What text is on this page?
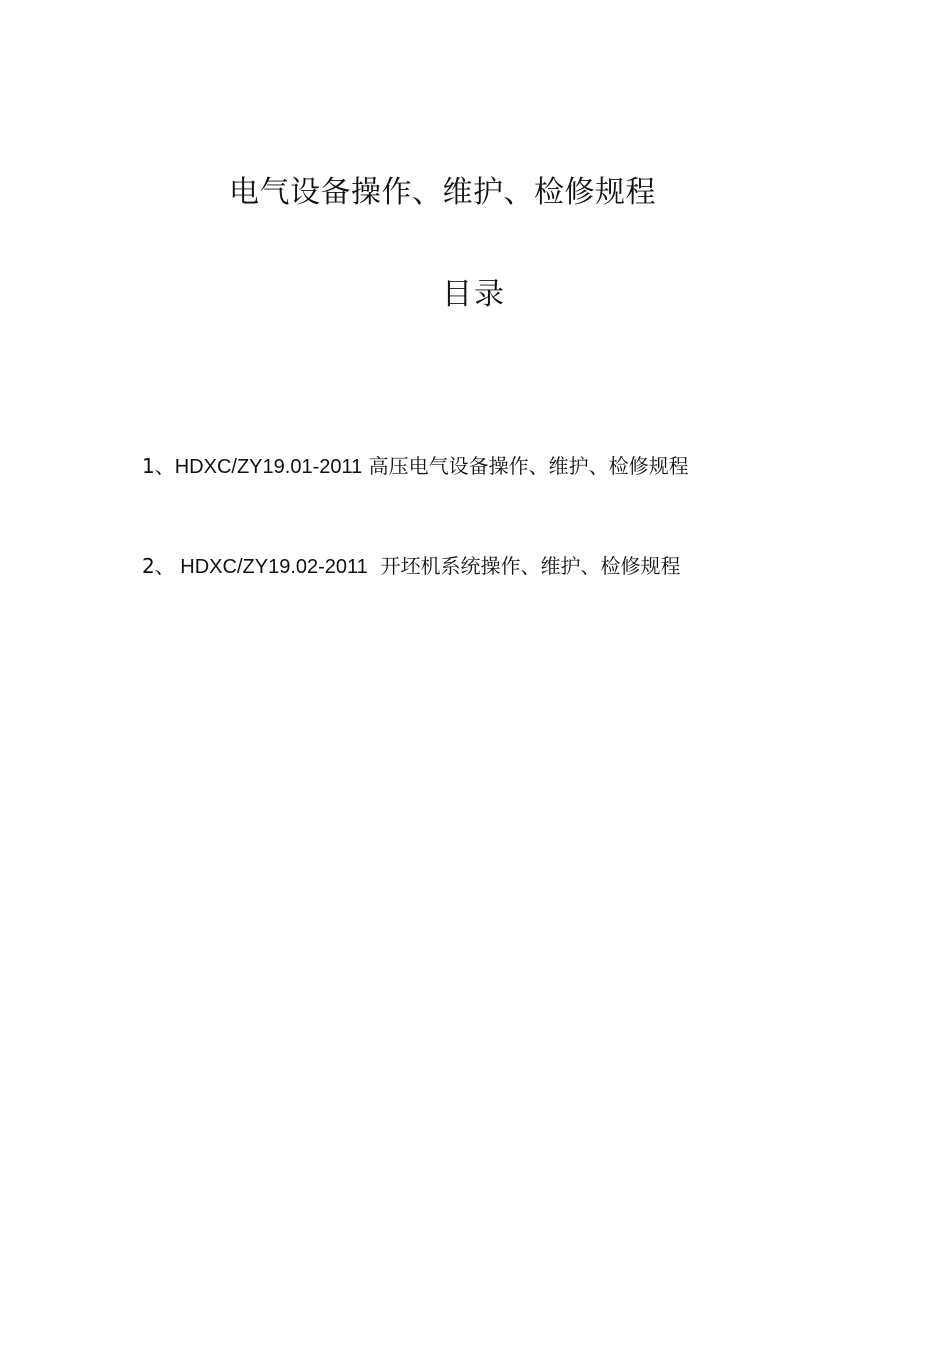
电气设备操作、维护、检修规程
目录
1、HDXC/ZY19.01-2011 高压电气设备操作、维护、检修规程
2、 HDXC/ZY19.02-2011  开坯机系统操作、维护、检修规程
